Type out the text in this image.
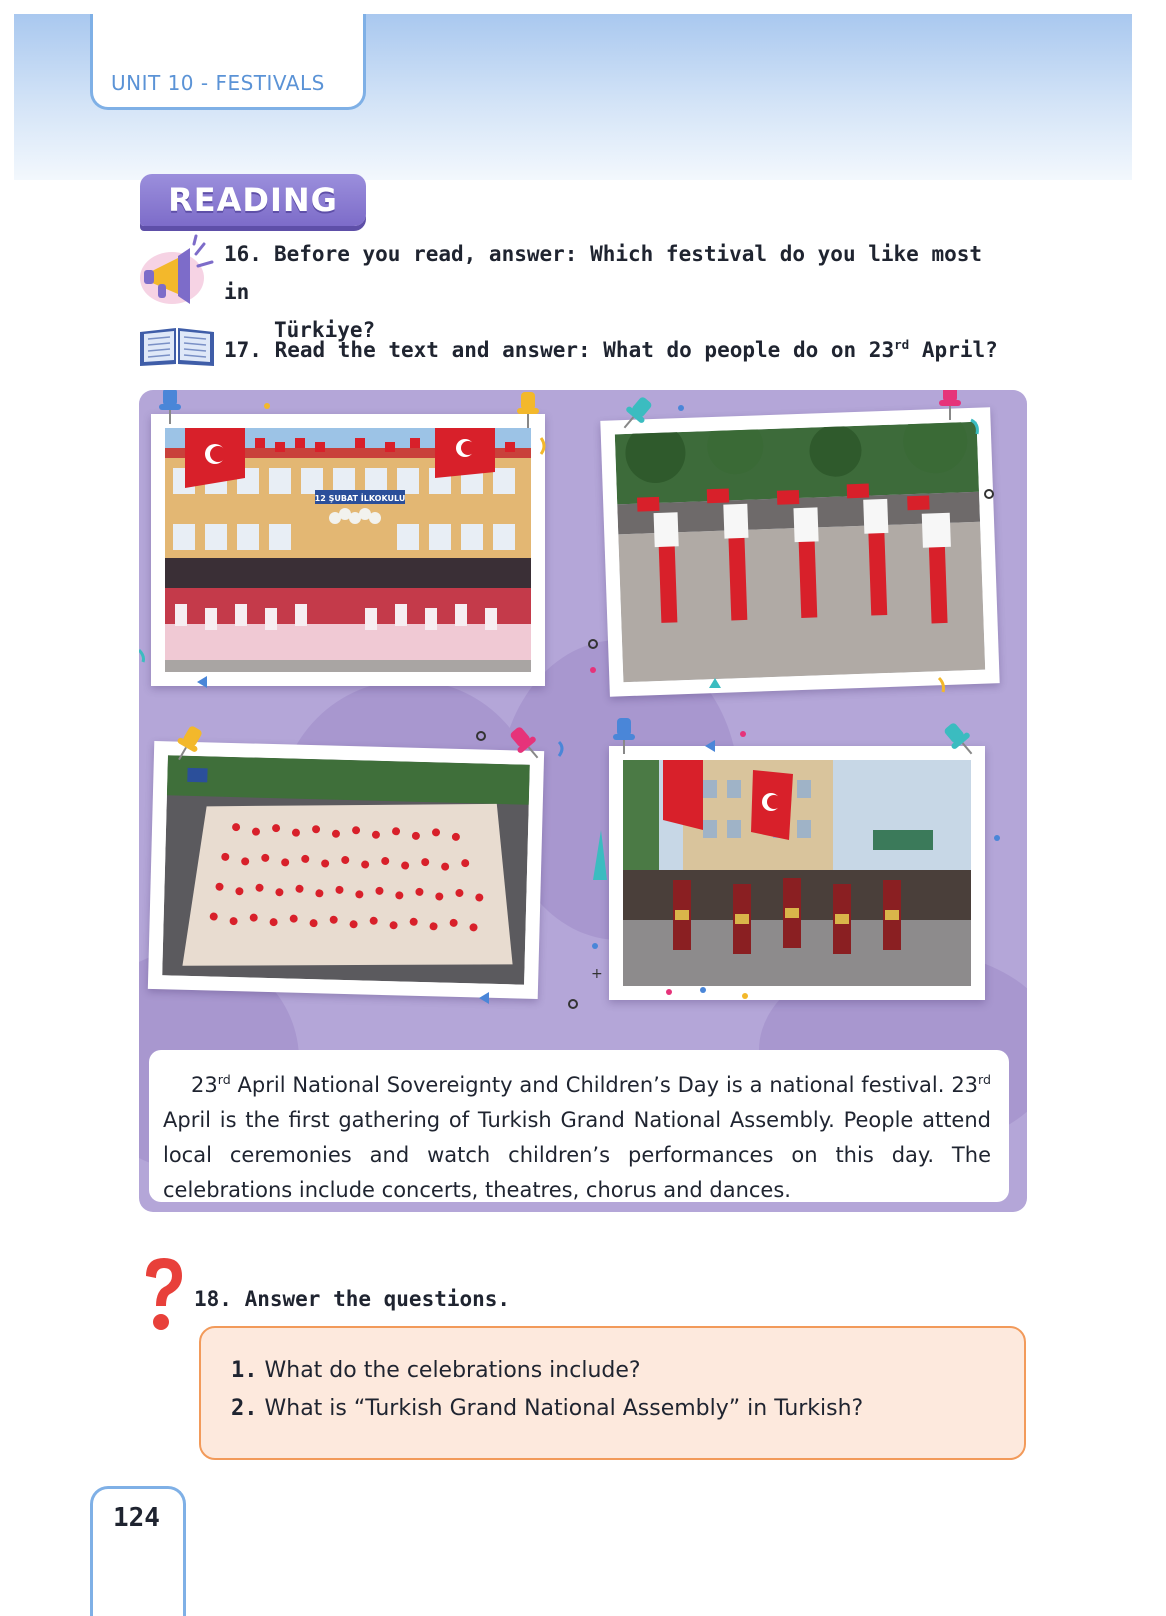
UNIT 10 - FESTIVALS
READING
16. Before you read, answer: Which festival do you like most in
Türkiye?
17. Read the text and answer: What do people do on 23rd April?
12 ŞUBAT İLKOKULU
+
23rd April National Sovereignty and Children’s Day is a national festival. 23rd April is the first gathering of Turkish Grand National Assembly. People attend local ceremonies and watch children’s performances on this day. The celebrations include concerts, theatres, chorus and dances.
18. Answer the questions.
1. What do the celebrations include?
2. What is “Turkish Grand National Assembly” in Turkish?
124
